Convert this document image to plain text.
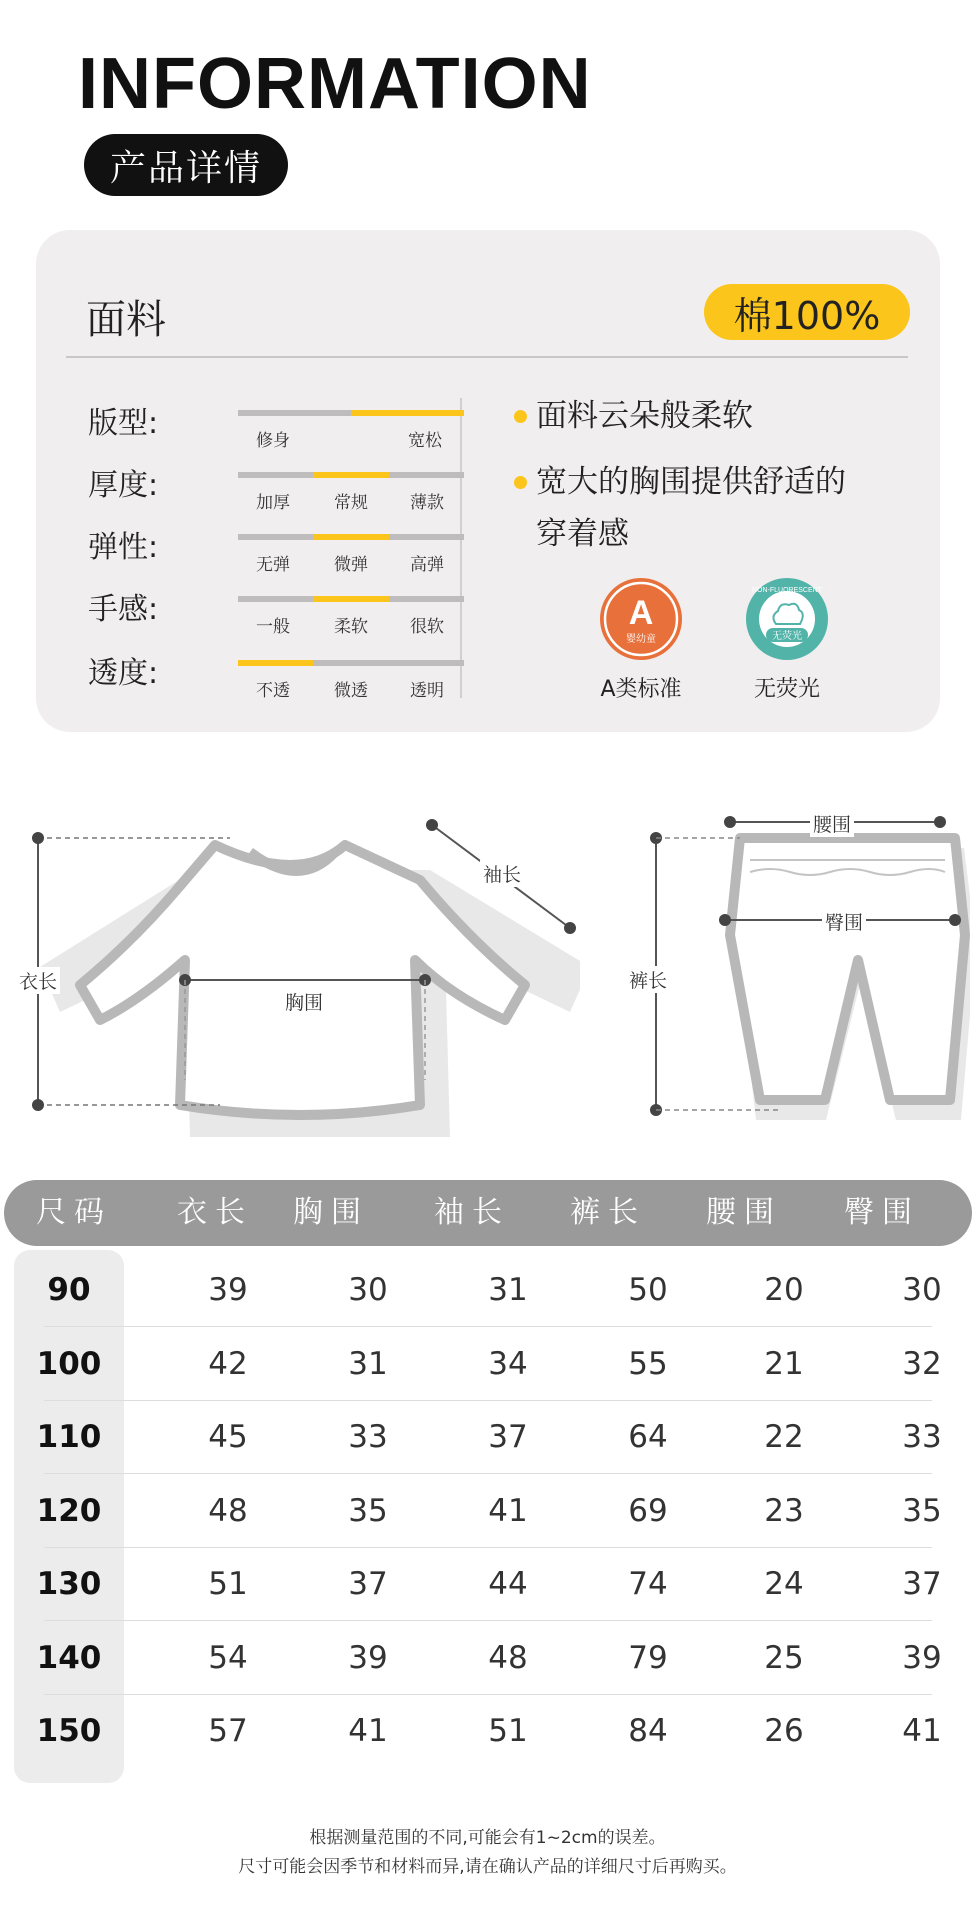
INFORMATION
产品详情
面料	棉100%
版型:	修身	宽松
厚度:	加厚	常规 薄款
弹性:	无弹	微弹 高弹
手感:	一般	柔软 很软
透度:	不透	微透 透明
面料云朵般柔软
宽大的胸围提供舒适的
穿着感
A
婴幼童
A类标准
无荧光
NON-FLUORESCENT
无荧光
衣长
胸围
袖长
腰围
臀围
裤长
尺码	衣长	胸围	袖长	裤长	腰围	臀围
90	39	30	31	50	20	30
100	42	31	34	55	21	32
110	45	33	37	64	22	33
120	48	35	41	69	23	35
130	51	37	44	74	24	37
140	54	39	48	79	25	39
150	57	41	51	84	26	41
根据测量范围的不同,可能会有1~2cm的误差。
尺寸可能会因季节和材料而异,请在确认产品的详细尺寸后再购买。
